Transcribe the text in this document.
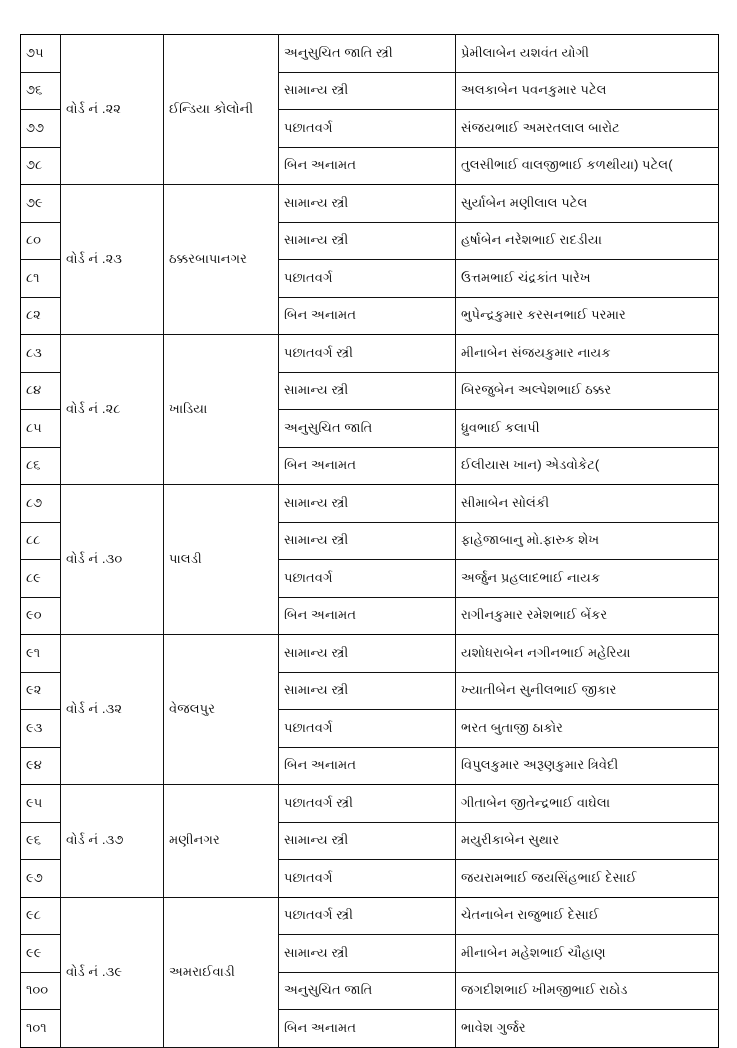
૭૫	વોર્ડ નં .૨૨	ઈન્ડિયા કોલોની	અનુસુચિત જાતિ સ્ત્રી	પ્રેમીલાબેન યશવંત યોગી
૭૬			સામાન્ય સ્ત્રી	અલકાબેન પવનકુમાર પટેલ
૭૭			પછાતવર્ગ	સંજયભાઈ અમરતલાલ બારોટ
૭૮			બિન અનામત	તુલસીભાઈ વાલજીભાઈ કળથીયા) પટેલ(
૭૯	વોર્ડ નં .૨૩	ઠક્કરબાપાનગર	સામાન્ય સ્ત્રી	સુર્યાબેન મણીલાલ પટેલ
૮૦			સામાન્ય સ્ત્રી	હર્ષાબેન નરેશભાઈ રાદડીયા
૮૧			પછાતવર્ગ	ઉત્તમભાઈ ચંદ્રકાંત પારેખ
૮૨			બિન અનામત	ભુપેન્દ્રકુમાર કરસનભાઈ પરમાર
૮૩	વોર્ડ નં .૨૮	ખાડિયા	પછાતવર્ગ સ્ત્રી	મીનાબેન સંજયકુમાર નાયક
૮૪			સામાન્ય સ્ત્રી	બિરજુબેન અલ્પેશભાઈ ઠક્કર
૮૫			અનુસુચિત જાતિ	ધ્રુવભાઈ કલાપી
૮૬			બિન અનામત	ઈલીયાસ ખાન) એડવોકેટ(
૮૭	વોર્ડ નં .૩૦	પાલડી	સામાન્ય સ્ત્રી	સીમાબેન સોલંકી
૮૮			સામાન્ય સ્ત્રી	ફાહેજાબાનુ મો.ફારુક શેખ
૮૯			પછાતવર્ગ	અર્જુન પ્રહલાદભાઈ નાયક
૯૦			બિન અનામત	રાગીનકુમાર રમેશભાઈ બેંકર
૯૧	વોર્ડ નં .૩૨	વેજલપુર	સામાન્ય સ્ત્રી	યશોધરાબેન નગીનભાઈ મહેરિયા
૯૨			સામાન્ય સ્ત્રી	ખ્યાતીબેન સુનીલભાઈ જીકાર
૯૩			પછાતવર્ગ	ભરત બુતાજી ઠાકોર
૯૪			બિન અનામત	વિપુલકુમાર અરૂણકુમાર ત્રિવેદી
૯૫	વોર્ડ નં .૩૭	મણીનગર	પછાતવર્ગ સ્ત્રી	ગીતાબેન જીતેન્દ્રભાઈ વાઘેલા
૯૬			સામાન્ય સ્ત્રી	મયુરીકાબેન સુથાર
૯૭			પછાતવર્ગ	જયરામભાઈ જયસિંહભાઈ દેસાઈ
૯૮	વોર્ડ નં .૩૯	અમરાઈવાડી	પછાતવર્ગ સ્ત્રી	ચેતનાબેન રાજુભાઈ દેસાઈ
૯૯			સામાન્ય સ્ત્રી	મીનાબેન મહેશભાઈ ચૌહાણ
૧૦૦			અનુસુચિત જાતિ	જગદીશભાઈ ખીમજીભાઈ રાઠોડ
૧૦૧			બિન અનામત	ભાવેશ ગુર્જર
